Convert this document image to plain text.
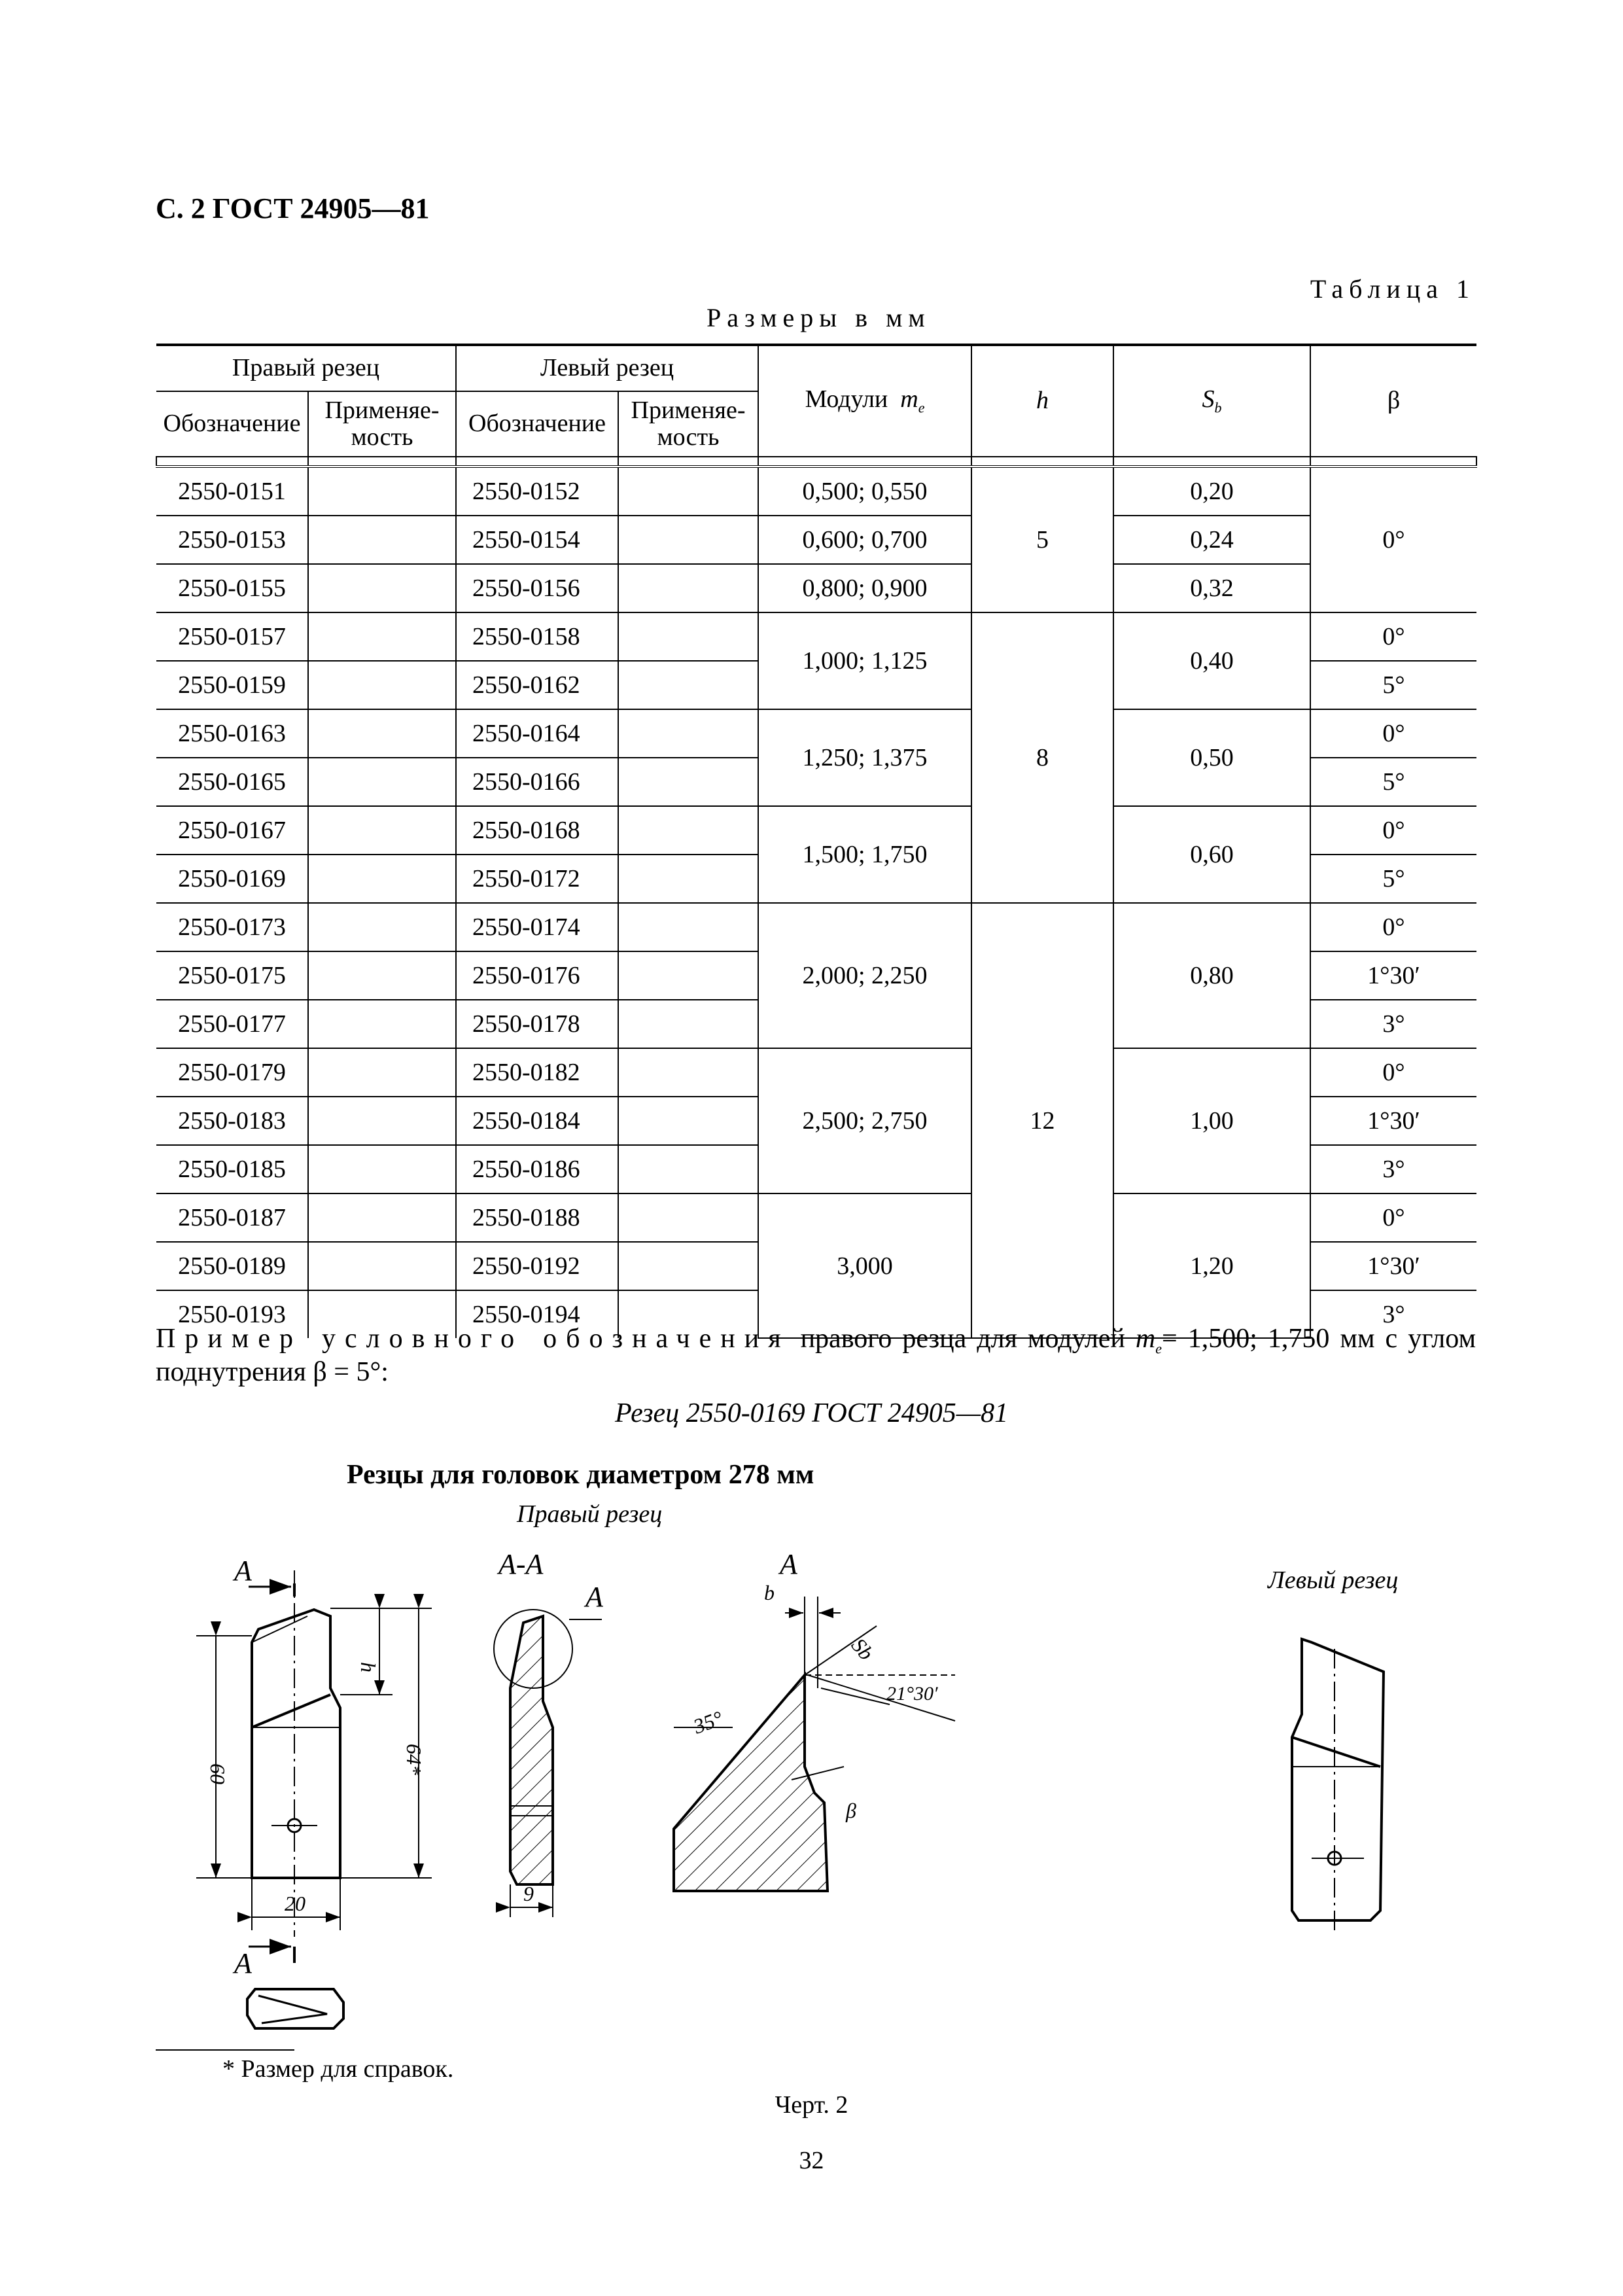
С. 2 ГОСТ 24905—81
Таблица 1
Размеры в мм
Правый резец		Левый резец		Модули $m_e$	h	$S_b$	β
Обозначение	Применяе-мость	Обозначение	Применяе-мость				

2550-0151		2550-0152		0,500; 0,550	5	0,20	0°
2550-0153		2550-0154		0,600; 0,700		0,24	
2550-0155		2550-0156		0,800; 0,900		0,32	
2550-0157		2550-0158		1,000; 1,125	8	0,40	0°
2550-0159		2550-0162					5°
2550-0163		2550-0164		1,250; 1,375		0,50	0°
2550-0165		2550-0166					5°
2550-0167		2550-0168		1,500; 1,750		0,60	0°
2550-0169		2550-0172					5°
2550-0173		2550-0174		2,000; 2,250	12	0,80	0°
2550-0175		2550-0176					1°30′
2550-0177		2550-0178					3°
2550-0179		2550-0182		2,500; 2,750		1,00	0°
2550-0183		2550-0184					1°30′
2550-0185		2550-0186					3°
2550-0187		2550-0188		3,000		1,20	0°
2550-0189		2550-0192					1°30′
2550-0193		2550-0194					3°
Пример условного обозначения правого резца для модулей $m_e= 1,500$; 1,750 мм с углом поднутрения β = 5°:
Резец 2550-0169 ГОСТ 24905—81
Резцы для головок диаметром 278 мм
Правый резец
Левый резец
A
A
60	64*
h
20
A-A
A
9
A
b
Sb
21°30′
35°
β
* Размер для справок.
Черт. 2
32
